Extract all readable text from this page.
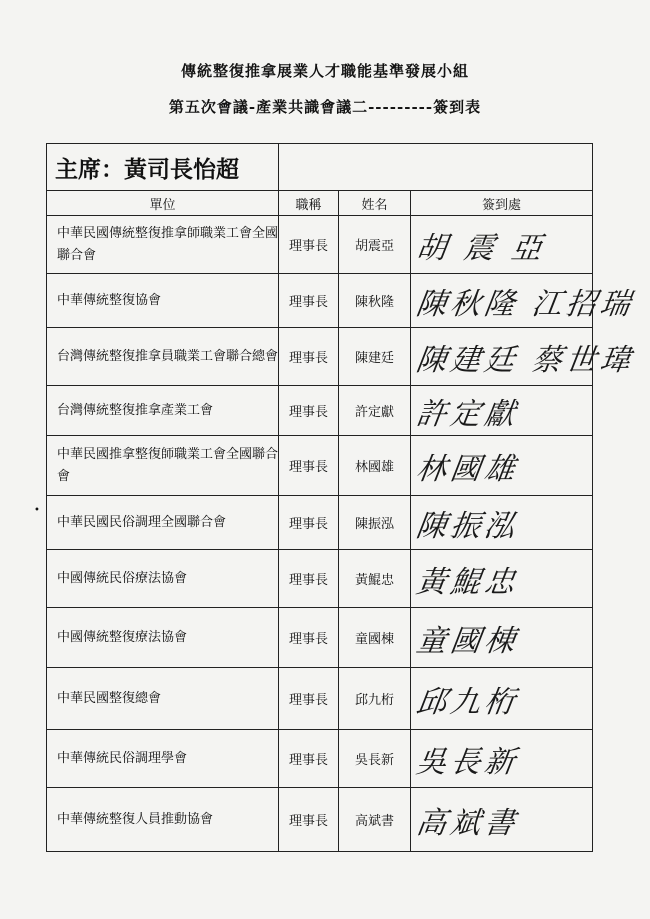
傳統整復推拿展業人才職能基準發展小組
第五次會議-產業共識會議二---------簽到表
•
主席：黃司長怡超			
單位	職稱	姓名	簽到處
中華民國傳統整復推拿師職業工會全國聯合會	理事長	胡震亞	胡 震 亞

中華傳統整復協會	理事長	陳秋隆	陳秋隆 江招瑞

台灣傳統整復推拿員職業工會聯合總會	理事長	陳建廷	陳建廷 蔡世瑋

台灣傳統整復推拿產業工會	理事長	許定獻	許定獻

中華民國推拿整復師職業工會全國聯合會	理事長	林國雄	林國雄

中華民國民俗調理全國聯合會	理事長	陳振泓	陳振泓

中國傳統民俗療法協會	理事長	黃鯤忠	黃鯤忠

中國傳統整復療法協會	理事長	童國棟	童國棟

中華民國整復總會	理事長	邱九桁	邱九桁

中華傳統民俗調理學會	理事長	吳長新	吳長新

中華傳統整復人員推動協會	理事長	高斌書	高斌書
